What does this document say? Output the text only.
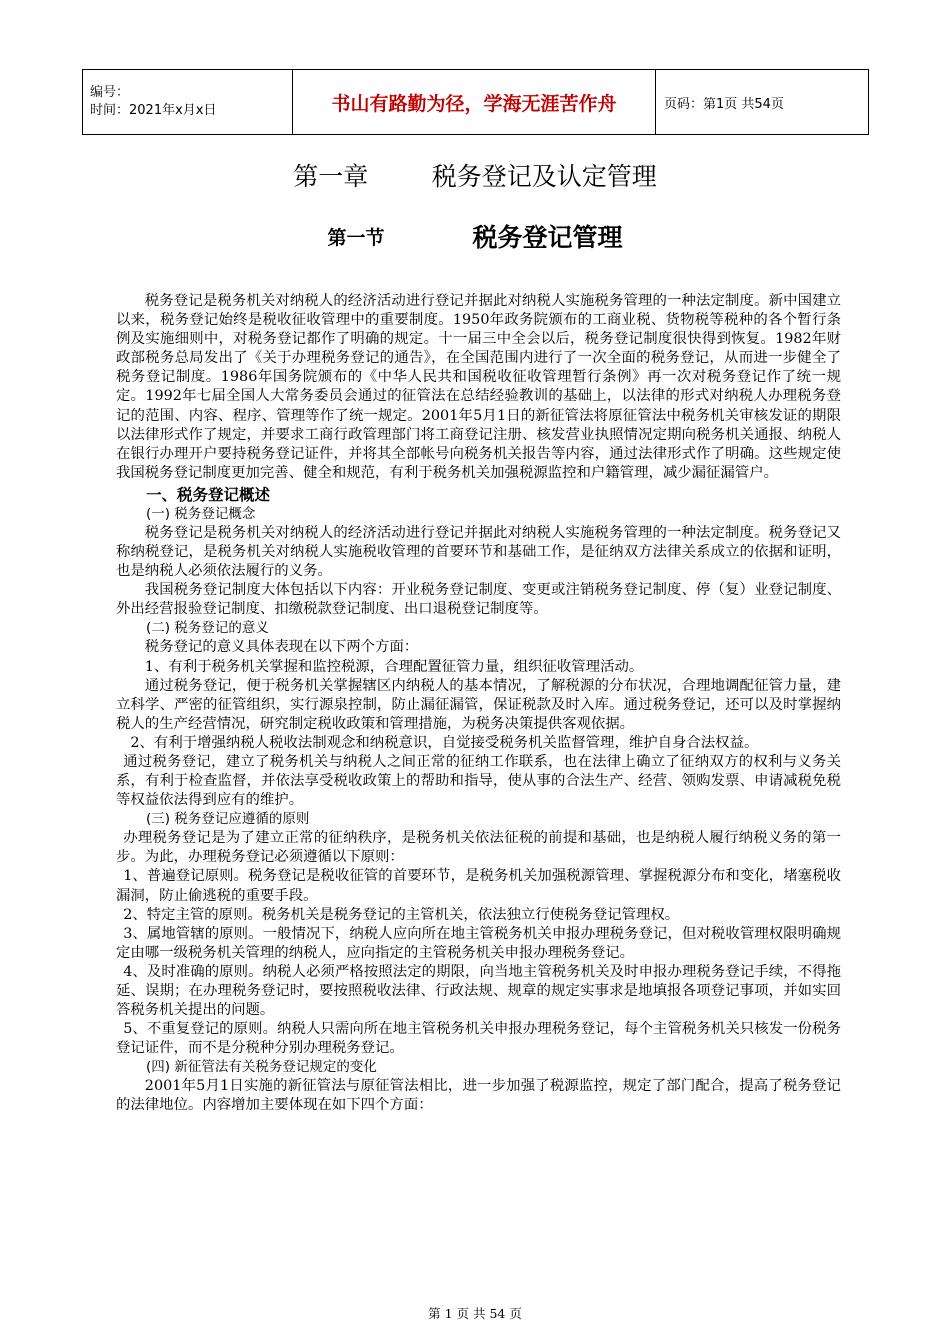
编号：
时间：2021年x月x日	书山有路勤为径，学海无涯苦作舟	页码：第1页 共54页
第一章        税务登记及认定管理
第一节	税务登记管理

税务登记是税务机关对纳税人的经济活动进行登记并据此对纳税人实施税务管理的一种法定制度。新中国建立以来，税务登记始终是税收征收管理中的重要制度。1950年政务院颁布的工商业税、货物税等税种的各个暂行条例及实施细则中，对税务登记都作了明确的规定。十一届三中全会以后，税务登记制度很快得到恢复。1982年财政部税务总局发出了《关于办理税务登记的通告》，在全国范围内进行了一次全面的税务登记，从而进一步健全了税务登记制度。1986年国务院颁布的《中华人民共和国税收征收管理暂行条例》再一次对税务登记作了统一规定。1992年七届全国人大常务委员会通过的征管法在总结经验教训的基础上，以法律的形式对纳税人办理税务登记的范围、内容、程序、管理等作了统一规定。2001年5月1日的新征管法将原征管法中税务机关审核发证的期限以法律形式作了规定，并要求工商行政管理部门将工商登记注册、核发营业执照情况定期向税务机关通报、纳税人在银行办理开户要持税务登记证件，并将其全部帐号向税务机关报告等内容，通过法律形式作了明确。这些规定使我国税务登记制度更加完善、健全和规范，有利于税务机关加强税源监控和户籍管理，减少漏征漏管户。

一、税务登记概述

(一) 税务登记概念

税务登记是税务机关对纳税人的经济活动进行登记并据此对纳税人实施税务管理的一种法定制度。税务登记又称纳税登记，是税务机关对纳税人实施税收管理的首要环节和基础工作，是征纳双方法律关系成立的依据和证明，也是纳税人必须依法履行的义务。

我国税务登记制度大体包括以下内容：开业税务登记制度、变更或注销税务登记制度、停（复）业登记制度、外出经营报验登记制度、扣缴税款登记制度、出口退税登记制度等。

(二) 税务登记的意义

税务登记的意义具体表现在以下两个方面：

1、有利于税务机关掌握和监控税源，合理配置征管力量，组织征收管理活动。

通过税务登记，便于税务机关掌握辖区内纳税人的基本情况，了解税源的分布状况，合理地调配征管力量，建立科学、严密的征管组织，实行源泉控制，防止漏征漏管，保证税款及时入库。通过税务登记，还可以及时掌握纳税人的生产经营情况，研究制定税收政策和管理措施，为税务决策提供客观依据。

2、有利于增强纳税人税收法制观念和纳税意识，自觉接受税务机关监督管理，维护自身合法权益。

通过税务登记，建立了税务机关与纳税人之间正常的征纳工作联系，也在法律上确立了征纳双方的权利与义务关系，有利于检查监督，并依法享受税收政策上的帮助和指导，使从事的合法生产、经营、领购发票、申请减税免税等权益依法得到应有的维护。

(三) 税务登记应遵循的原则

办理税务登记是为了建立正常的征纳秩序，是税务机关依法征税的前提和基础，也是纳税人履行纳税义务的第一步。为此，办理税务登记必须遵循以下原则：

1、普遍登记原则。税务登记是税收征管的首要环节，是税务机关加强税源管理、掌握税源分布和变化，堵塞税收漏洞，防止偷逃税的重要手段。

2、特定主管的原则。税务机关是税务登记的主管机关，依法独立行使税务登记管理权。

3、属地管辖的原则。一般情况下，纳税人应向所在地主管税务机关申报办理税务登记，但对税收管理权限明确规定由哪一级税务机关管理的纳税人，应向指定的主管税务机关申报办理税务登记。

4、及时准确的原则。纳税人必须严格按照法定的期限，向当地主管税务机关及时申报办理税务登记手续，不得拖延、误期；在办理税务登记时，要按照税收法律、行政法规、规章的规定实事求是地填报各项登记事项，并如实回答税务机关提出的问题。

5、不重复登记的原则。纳税人只需向所在地主管税务机关申报办理税务登记，每个主管税务机关只核发一份税务登记证件，而不是分税种分别办理税务登记。

(四) 新征管法有关税务登记规定的变化

2001年5月1日实施的新征管法与原征管法相比，进一步加强了税源监控，规定了部门配合，提高了税务登记的法律地位。内容增加主要体现在如下四个方面：

第 1 页 共 54 页
